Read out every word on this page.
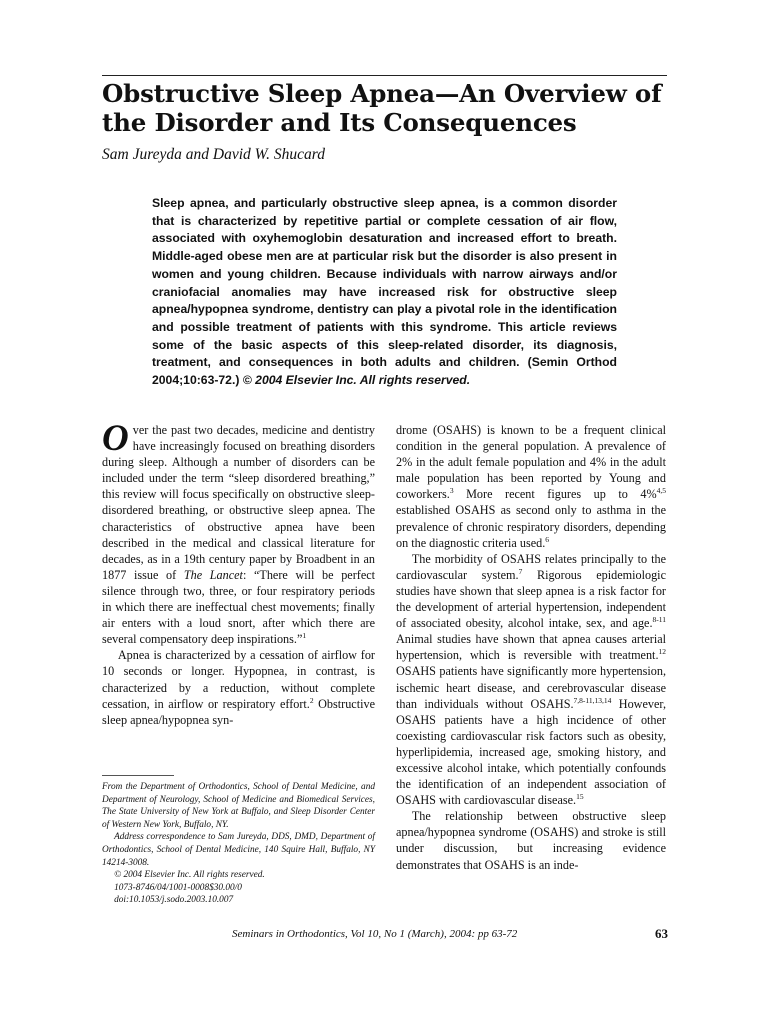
Obstructive Sleep Apnea—An Overview of the Disorder and Its Consequences

Sam Jureyda and David W. Shucard

Sleep apnea, and particularly obstructive sleep apnea, is a common disorder that is characterized by repetitive partial or complete cessation of air flow, associated with oxyhemoglobin desaturation and increased effort to breath. Middle-aged obese men are at particular risk but the disorder is also present in women and young children. Because individuals with narrow airways and/or craniofacial anomalies may have increased risk for obstructive sleep apnea/hypopnea syndrome, dentistry can play a pivotal role in the identification and possible treatment of patients with this syndrome. This article reviews some of the basic aspects of this sleep-related disorder, its diagnosis, treatment, and consequences in both adults and children. (Semin Orthod 2004;10:63-72.) © 2004 Elsevier Inc. All rights reserved.

Over the past two decades, medicine and dentistry have increasingly focused on breathing disorders during sleep. Although a number of disorders can be included under the term “sleep disordered breathing,” this review will focus specifically on obstructive sleep-disordered breathing, or obstructive sleep apnea. The characteristics of obstructive apnea have been described in the medical and classical literature for decades, as in a 19th century paper by Broadbent in an 1877 issue of The Lancet: “There will be perfect silence through two, three, or four respiratory periods in which there are ineffectual chest movements; finally air enters with a loud snort, after which there are several compensatory deep inspirations.”$^1$

Apnea is characterized by a cessation of airflow for 10 seconds or longer. Hypopnea, in contrast, is characterized by a reduction, without complete cessation, in airflow or respiratory effort.$^2$ Obstructive sleep apnea/hypopnea syn-

drome (OSAHS) is known to be a frequent clinical condition in the general population. A prevalence of 2% in the adult female population and 4% in the adult male population has been reported by Young and coworkers.$^3$ More recent figures up to 4%$^{4,5}$ established OSAHS as second only to asthma in the prevalence of chronic respiratory disorders, depending on the diagnostic criteria used.$^6$

The morbidity of OSAHS relates principally to the cardiovascular system.$^7$ Rigorous epidemiologic studies have shown that sleep apnea is a risk factor for the development of arterial hypertension, independent of associated obesity, alcohol intake, sex, and age.$^{8-11}$ Animal studies have shown that apnea causes arterial hypertension, which is reversible with treatment.$^{12}$ OSAHS patients have significantly more hypertension, ischemic heart disease, and cerebrovascular disease than individuals without OSAHS.$^{7,8-11,13,14}$ However, OSAHS patients have a high incidence of other coexisting cardiovascular risk factors such as obesity, hyperlipidemia, increased age, smoking history, and excessive alcohol intake, which potentially confounds the identification of an independent association of OSAHS with cardiovascular disease.$^{15}$

The relationship between obstructive sleep apnea/hypopnea syndrome (OSAHS) and stroke is still under discussion, but increasing evidence demonstrates that OSAHS is an inde-

From the Department of Orthodontics, School of Dental Medicine, and Department of Neurology, School of Medicine and Biomedical Services, The State University of New York at Buffalo, and Sleep Disorder Center of Western New York, Buffalo, NY.

Address correspondence to Sam Jureyda, DDS, DMD, Department of Orthodontics, School of Dental Medicine, 140 Squire Hall, Buffalo, NY 14214-3008.

© 2004 Elsevier Inc. All rights reserved.

1073-8746/04/1001-0008$30.00/0

doi:10.1053/j.sodo.2003.10.007

Seminars in Orthodontics, Vol 10, No 1 (March), 2004: pp 63-72	63
